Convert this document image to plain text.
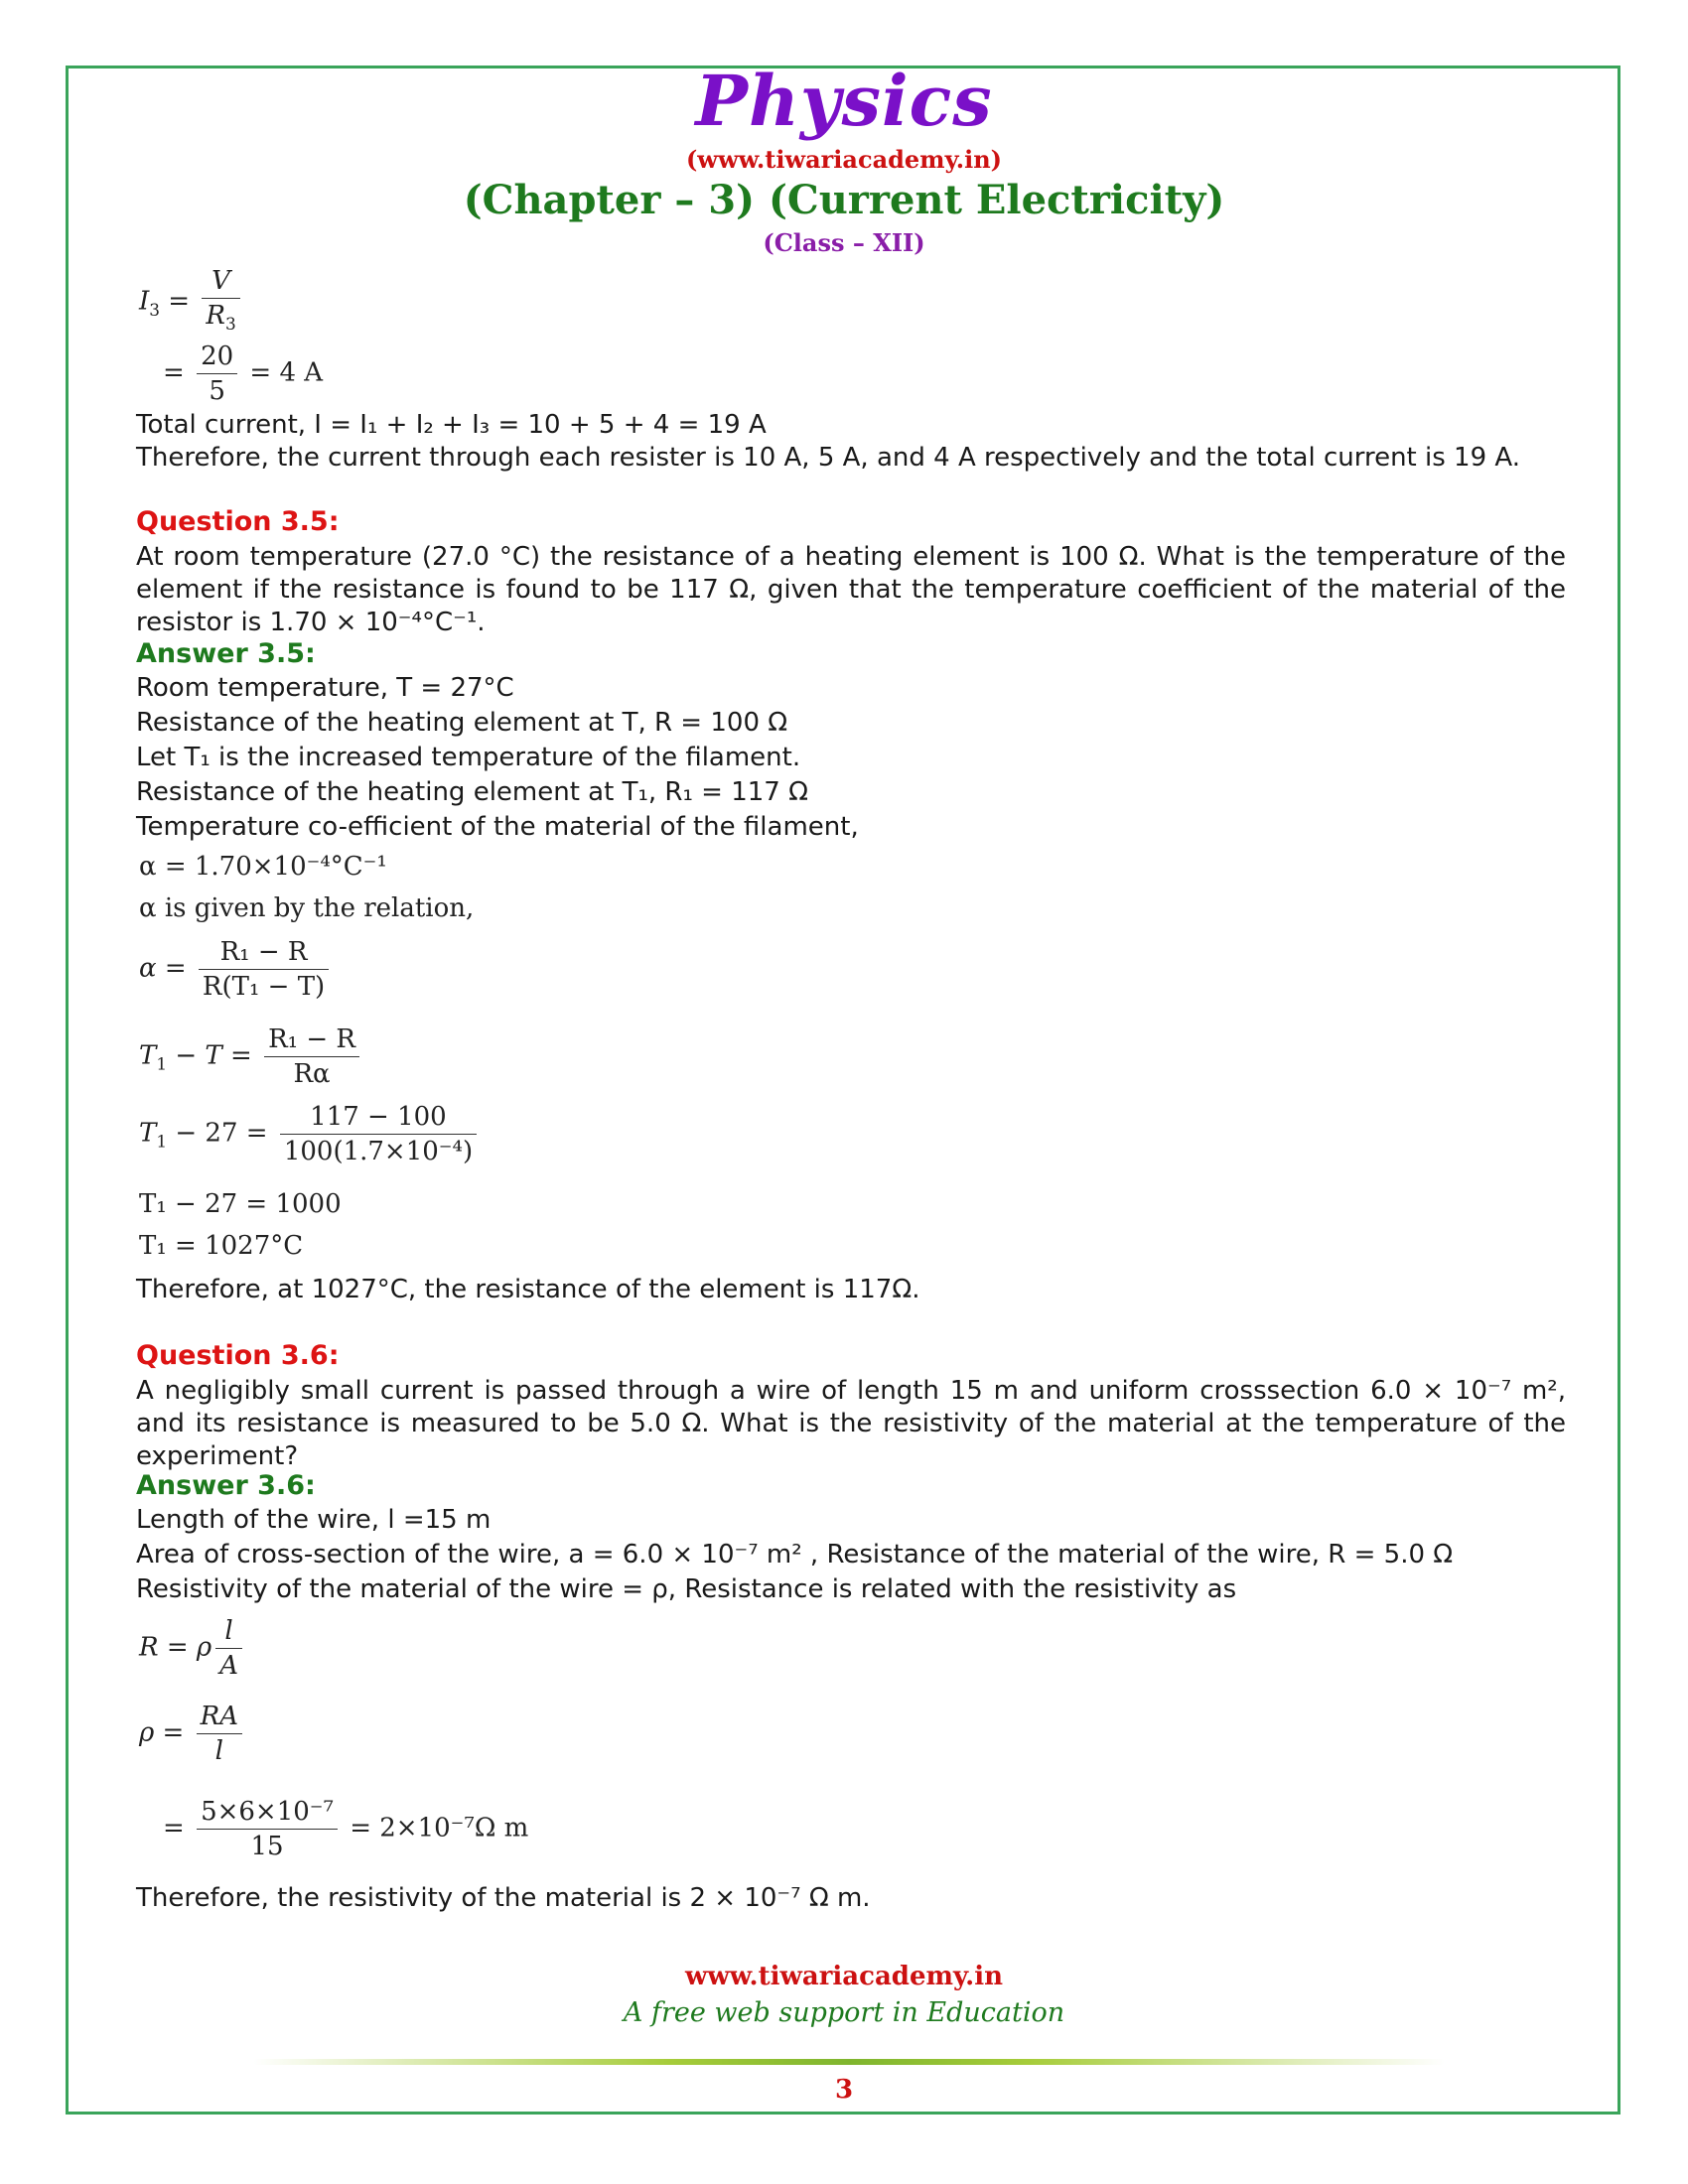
Physics
(www.tiwariacademy.in)
(Chapter – 3) (Current Electricity)
(Class – XII)
$I_3 = \frac{V}{R_3}$
= $\frac{20}{5} = 4$ A
Total current, I = I₁ + I₂ + I₃ = 10 + 5 + 4 = 19 A
Therefore, the current through each resister is 10 A, 5 A, and 4 A respectively and the total current is 19 A.
Question 3.5:
At room temperature (27.0 °C) the resistance of a heating element is 100 Ω. What is the temperature of the element if the resistance is found to be 117 Ω, given that the temperature coefficient of the material of the resistor is 1.70 × 10⁻⁴°C⁻¹.
Answer 3.5:
Room temperature, T = 27°C
Resistance of the heating element at T, R = 100 Ω
Let T₁ is the increased temperature of the filament.
Resistance of the heating element at T₁, R₁ = 117 Ω
Temperature co-efficient of the material of the filament,
α = 1.70×10⁻⁴°C⁻¹
α is given by the relation,
$\alpha = \frac{\text{R₁ − R}}{\text{R(T₁ − T)}}$
$T_1 - T = \frac{\text{R₁ − R}}{R\alpha}$
$T_1 - 27 = \frac{117 - 100}{\text{100(1.7×10⁻⁴)}}$
T₁ − 27 = 1000
T₁ = 1027°C
Therefore, at 1027°C, the resistance of the element is 117Ω.
Question 3.6:
A negligibly small current is passed through a wire of length 15 m and uniform crosssection 6.0 × 10⁻⁷ m², and its resistance is measured to be 5.0 Ω. What is the resistivity of the material at the temperature of the experiment?
Answer 3.6:
Length of the wire, l =15 m
Area of cross-section of the wire, a = 6.0 × 10⁻⁷ m² , Resistance of the material of the wire, R = 5.0 Ω
Resistivity of the material of the wire = ρ, Resistance is related with the resistivity as
R = ρ $\frac{l}{A}$
$\rho = \frac{RA}{l}$
= $\frac{\text{5×6×10⁻⁷}}{15} = 2\times 10^{-7}\Omega$ m
Therefore, the resistivity of the material is 2 × 10⁻⁷ Ω m.
www.tiwariacademy.in
A free web support in Education
3
